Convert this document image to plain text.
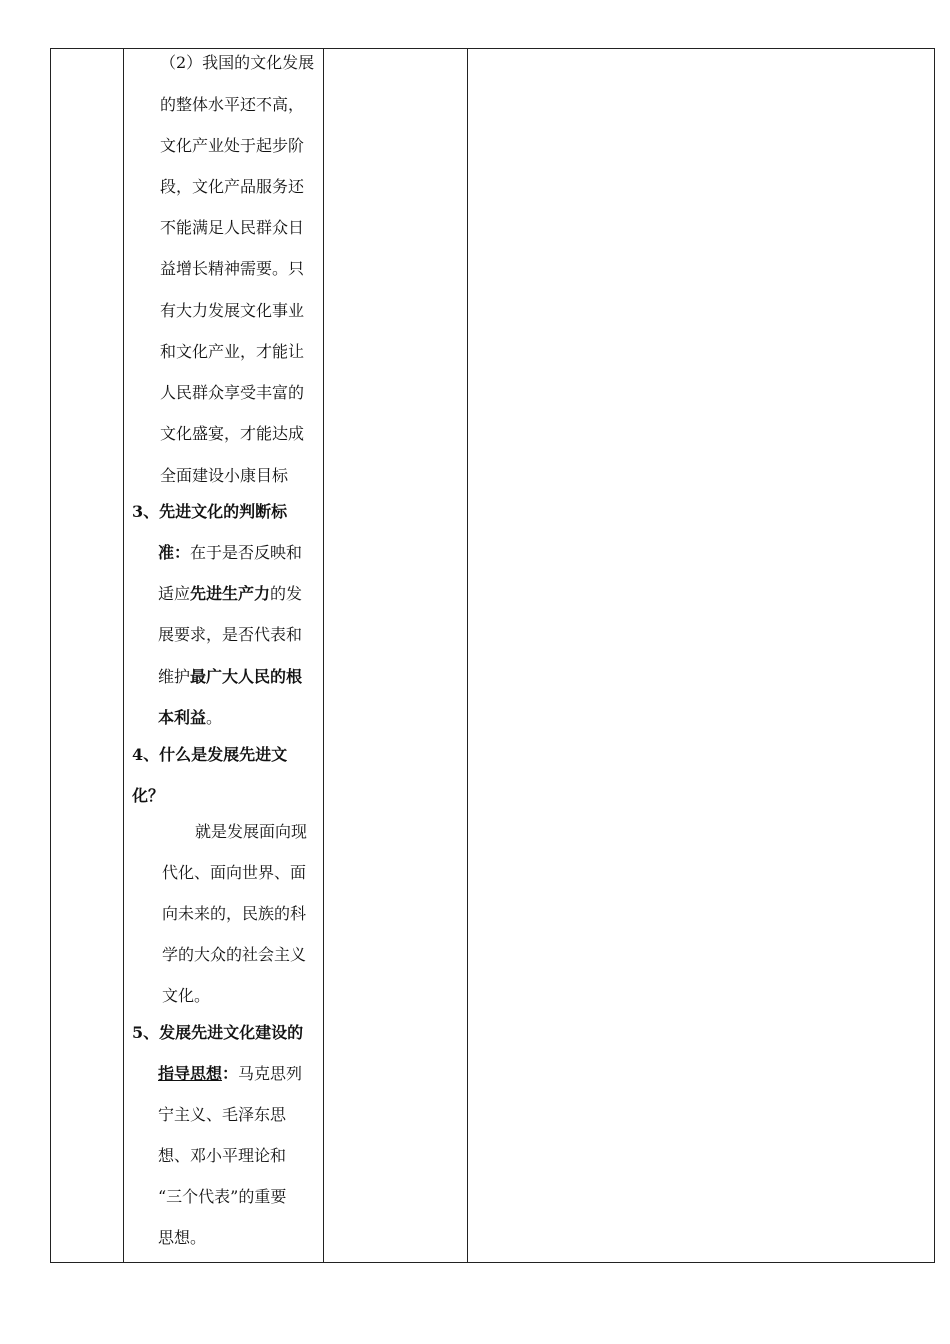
（2）我国的文化发展
的整体水平还不高，
文化产业处于起步阶
段，文化产品服务还
不能满足人民群众日
益增长精神需要。只
有大力发展文化事业
和文化产业，才能让
人民群众享受丰富的
文化盛宴，才能达成
全面建设小康目标
3、先进文化的判断标
准：在于是否反映和
适应先进生产力的发
展要求，是否代表和
维护最广大人民的根
本利益。
4、什么是发展先进文
化？
就是发展面向现
代化、面向世界、面
向未来的，民族的科
学的大众的社会主义
文化。
5、发展先进文化建设的
指导思想：马克思列
宁主义、毛泽东思
想、邓小平理论和
“三个代表”的重要
思想。
